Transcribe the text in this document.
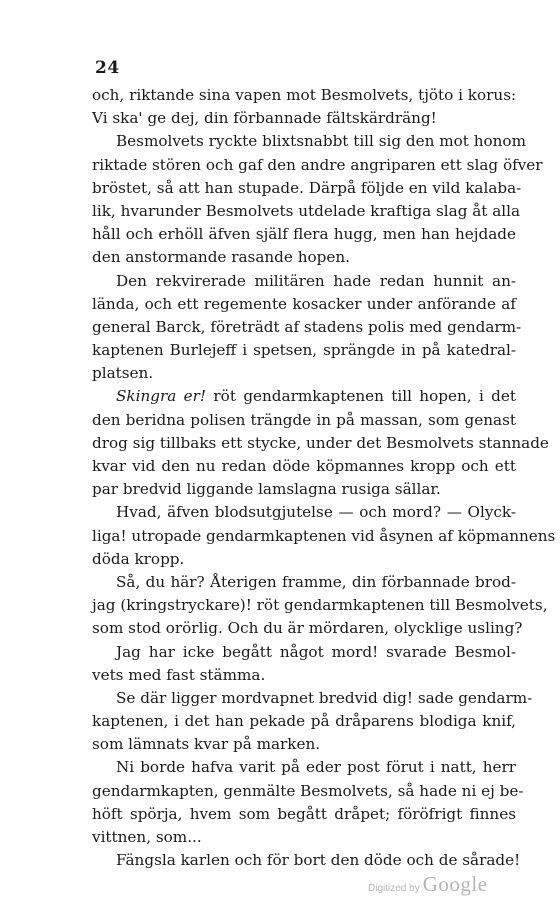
24
och, riktande sina vapen mot Besmolvets, tjöto i korus:
Vi ska' ge dej, din förbannade fältskärdräng!
Besmolvets ryckte blixtsnabbt till sig den mot honom
riktade stören och gaf den andre angriparen ett slag öfver
bröstet, så att han stupade. Därpå följde en vild kalaba-
lik, hvarunder Besmolvets utdelade kraftiga slag åt alla
håll och erhöll äfven själf flera hugg, men han hejdade
den anstormande rasande hopen.
Den rekvirerade militären hade redan hunnit an-
lända, och ett regemente kosacker under anförande af
general Barck, företrädt af stadens polis med gendarm-
kaptenen Burlejeff i spetsen, sprängde in på katedral-
platsen.
Skingra er! röt gendarmkaptenen till hopen, i det
den beridna polisen trängde in på massan, som genast
drog sig tillbaks ett stycke, under det Besmolvets stannade
kvar vid den nu redan döde köpmannes kropp och ett
par bredvid liggande lamslagna rusiga sällar.
Hvad, äfven blodsutgjutelse — och mord? — Olyck-
liga! utropade gendarmkaptenen vid åsynen af köpmannens
döda kropp.
Så, du här? Återigen framme, din förbannade brod-
jag (kringstryckare)! röt gendarmkaptenen till Besmolvets,
som stod orörlig. Och du är mördaren, olycklige usling?
Jag har icke begått något mord! svarade Besmol-
vets med fast stämma.
Se där ligger mordvapnet bredvid dig! sade gendarm-
kaptenen, i det han pekade på dråparens blodiga knif,
som lämnats kvar på marken.
Ni borde hafva varit på eder post förut i natt, herr
gendarmkapten, genmälte Besmolvets, så hade ni ej be-
höft spörja, hvem som begått dråpet; föröfrigt finnes
vittnen, som...
Fängsla karlen och för bort den döde och de sårade!
Digitized by Google
